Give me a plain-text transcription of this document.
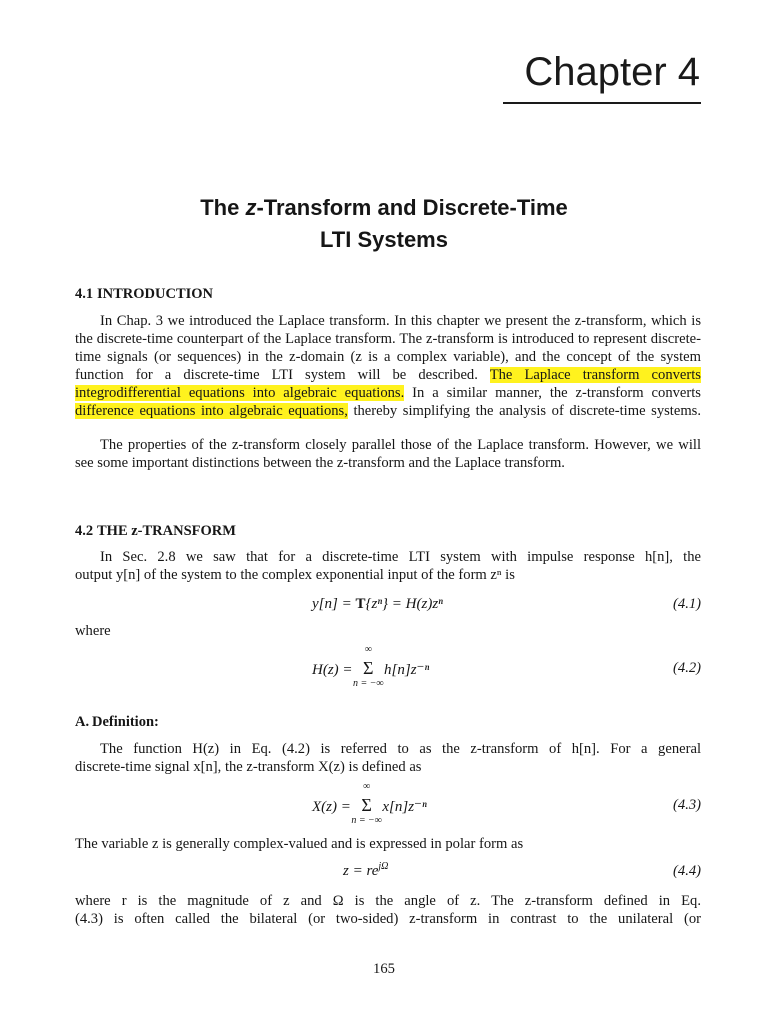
Chapter 4
The z-Transform and Discrete-Time
LTI Systems
4.1 INTRODUCTION
In Chap. 3 we introduced the Laplace transform. In this chapter we present the z-transform, which is the discrete-time counterpart of the Laplace transform. The z-transform is introduced to represent discrete-time signals (or sequences) in the z-domain (z is a complex variable), and the concept of the system function for a discrete-time LTI system will be described. The Laplace transform converts integrodifferential equations into algebraic equations. In a similar manner, the z-transform converts difference equations into algebraic equations, thereby simplifying the analysis of discrete-time systems.
The properties of the z-transform closely parallel those of the Laplace transform. However, we will see some important distinctions between the z-transform and the Laplace transform.
4.2 THE z-TRANSFORM
In Sec. 2.8 we saw that for a discrete-time LTI system with impulse response h[n], the
output y[n] of the system to the complex exponential input of the form zⁿ is
y[n] = T{zⁿ} = H(z)zⁿ	(4.1)
where
H(z) = Σ
∞
n = −∞
h[n]z⁻ⁿ	(4.2)
A. Definition:
The function H(z) in Eq. (4.2) is referred to as the z-transform of h[n]. For a general
discrete-time signal x[n], the z-transform X(z) is defined as
X(z) = Σ
∞
n = −∞
x[n]z⁻ⁿ	(4.3)
The variable z is generally complex-valued and is expressed in polar form as
$z = re^{j\Omega}$	(4.4)
where r is the magnitude of z and Ω is the angle of z. The z-transform defined in Eq.
(4.3) is often called the bilateral (or two-sided) z-transform in contrast to the unilateral (or
165
